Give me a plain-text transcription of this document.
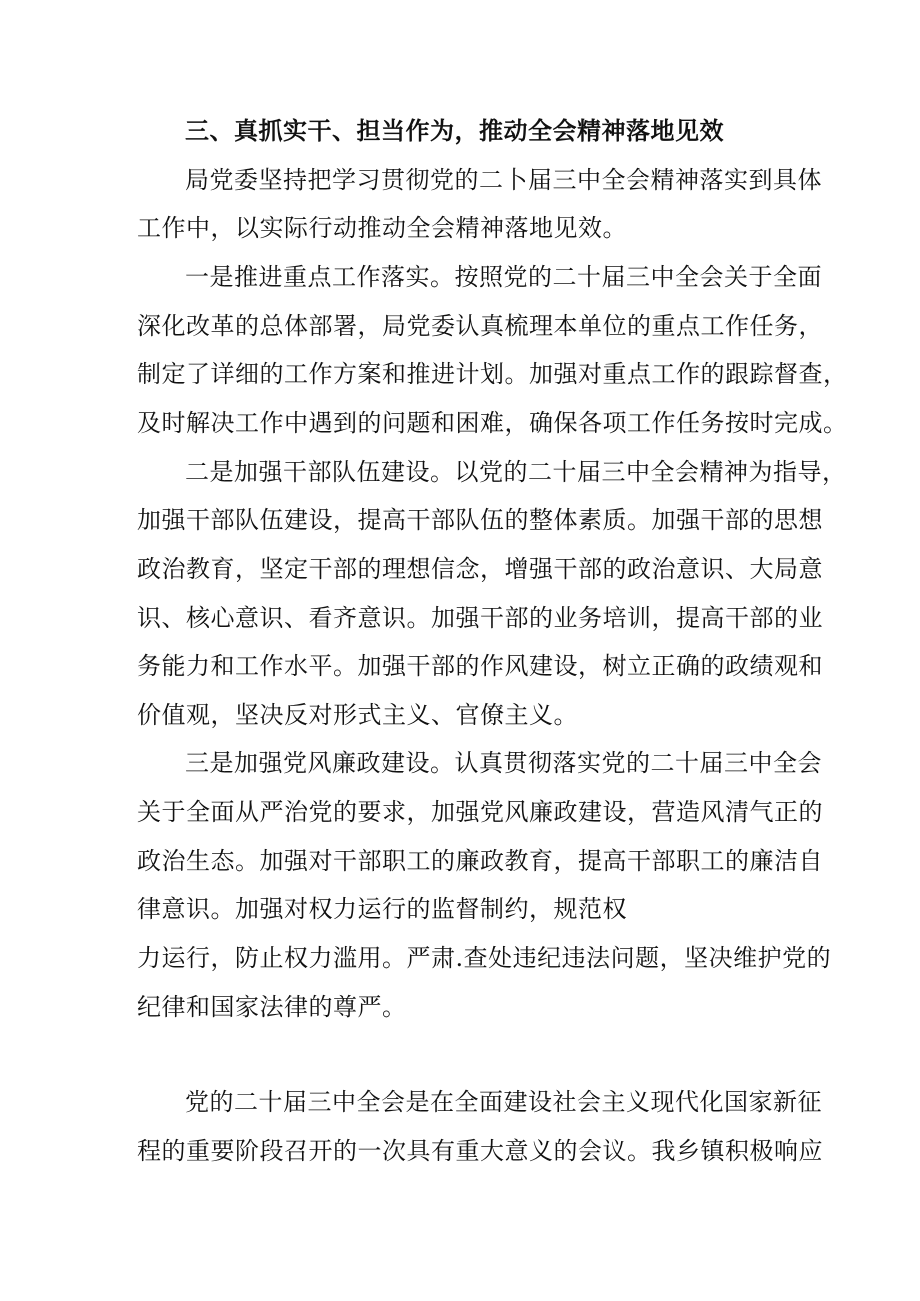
三、真抓实干、担当作为，推动全会精神落地见效
局党委坚持把学习贯彻党的二卜届三中全会精神落实到具体
工作中，以实际行动推动全会精神落地见效。
一是推进重点工作落实。按照党的二十届三中全会关于全面
深化改革的总体部署，局党委认真梳理本单位的重点工作任务，
制定了详细的工作方案和推进计划。加强对重点工作的跟踪督查，
及时解决工作中遇到的问题和困难，确保各项工作任务按时完成。
二是加强干部队伍建设。以党的二十届三中全会精神为指导，
加强干部队伍建设，提高干部队伍的整体素质。加强干部的思想
政治教育，坚定干部的理想信念，增强干部的政治意识、大局意
识、核心意识、看齐意识。加强干部的业务培训，提高干部的业
务能力和工作水平。加强干部的作风建设，树立正确的政绩观和
价值观，坚决反对形式主义、官僚主义。
三是加强党风廉政建设。认真贯彻落实党的二十届三中全会
关于全面从严治党的要求，加强党风廉政建设，营造风清气正的
政治生态。加强对干部职工的廉政教育，提高干部职工的廉洁自
律意识。加强对权力运行的监督制约，规范权
力运行，防止权力滥用。严肃.查处违纪违法问题，坚决维护党的
纪律和国家法律的尊严。
党的二十届三中全会是在全面建设社会主义现代化国家新征
程的重要阶段召开的一次具有重大意义的会议。我乡镇积极响应
